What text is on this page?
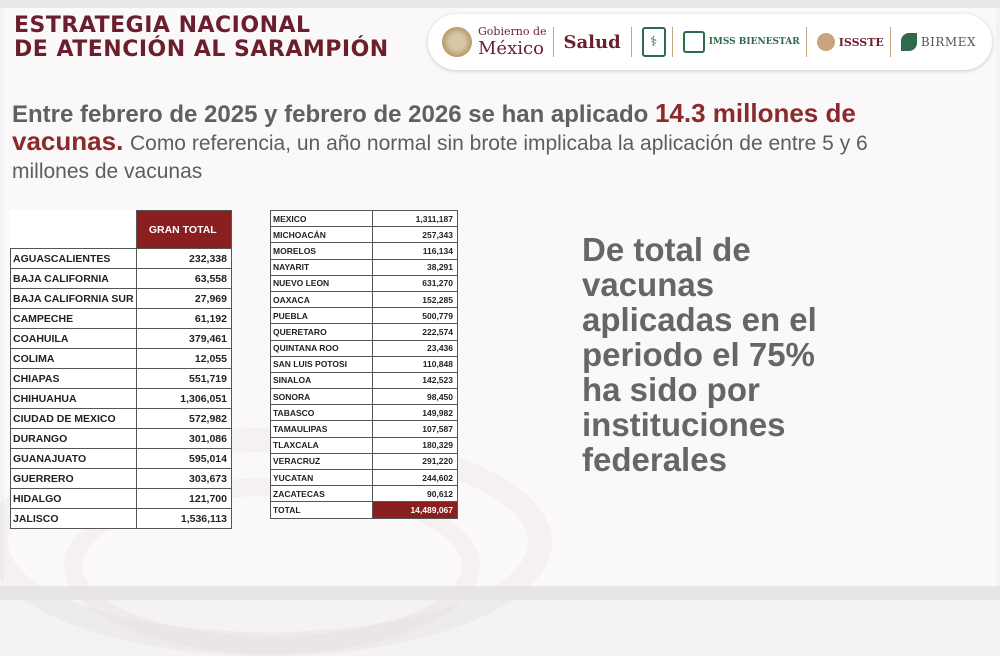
ESTRATEGIA NACIONAL
DE ATENCIÓN AL SARAMPIÓN
Gobierno de
México Salud	⚕	IMSS BIENESTAR	ISSSTE	BIRMEX
Entre febrero de 2025 y febrero de 2026 se han aplicado 14.3 millones de vacunas. Como referencia, un año normal sin brote implicaba la aplicación de entre 5 y 6 millones de vacunas
	GRAN TOTAL
AGUASCALIENTES	232,338
BAJA CALIFORNIA	63,558
BAJA CALIFORNIA SUR	27,969
CAMPECHE	61,192
COAHUILA	379,461
COLIMA	12,055
CHIAPAS	551,719
CHIHUAHUA	1,306,051
CIUDAD DE MEXICO	572,982
DURANGO	301,086
GUANAJUATO	595,014
GUERRERO	303,673
HIDALGO	121,700
JALISCO	1,536,113
MEXICO	1,311,187
MICHOACÁN	257,343
MORELOS	116,134
NAYARIT	38,291
NUEVO LEON	631,270
OAXACA	152,285
PUEBLA	500,779
QUERETARO	222,574
QUINTANA ROO	23,436
SAN LUIS POTOSI	110,848
SINALOA	142,523
SONORA	98,450
TABASCO	149,982
TAMAULIPAS	107,587
TLAXCALA	180,329
VERACRUZ	291,220
YUCATAN	244,602
ZACATECAS	90,612
TOTAL	14,489,067
De total de
vacunas
aplicadas en el
periodo el 75%
ha sido por
instituciones
federales
